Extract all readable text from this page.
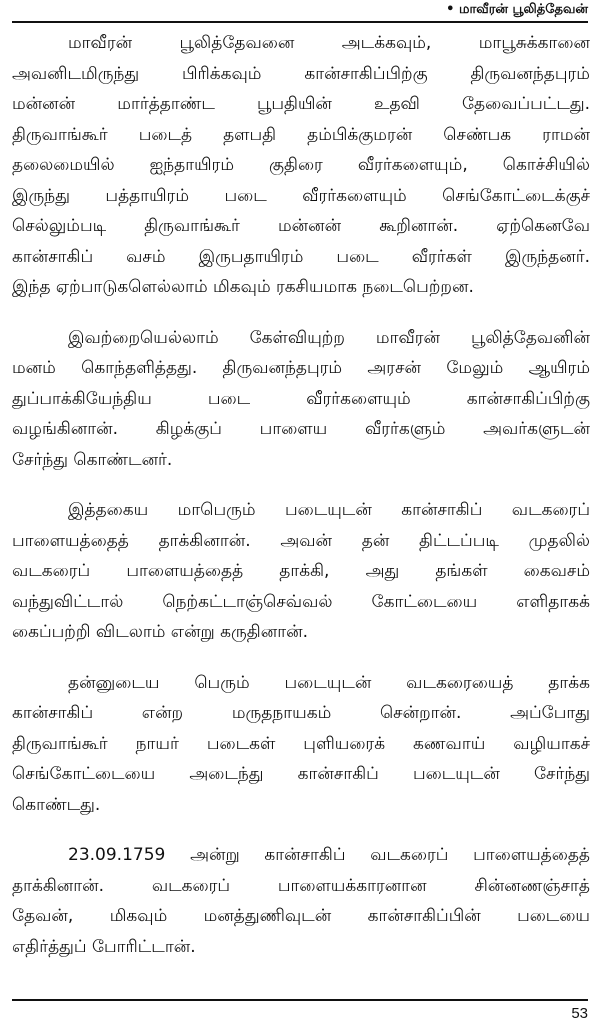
• மாவீரன் பூலித்தேவன்

மாவீரன் பூலித்தேவனை அடக்கவும், மாபூசுக்கானை
அவனிடமிருந்து பிரிக்கவும் கான்சாகிப்பிற்கு திருவனந்தபுரம்
மன்னன் மார்த்தாண்ட பூபதியின் உதவி தேவைப்பட்டது.
திருவாங்கூர் படைத் தளபதி தம்பிக்குமரன் செண்பக ராமன்
தலைமையில் ஐந்தாயிரம் குதிரை வீரர்களையும், கொச்சியில்
இருந்து பத்தாயிரம் படை வீரர்களையும் செங்கோட்டைக்குச்
செல்லும்படி திருவாங்கூர் மன்னன் கூறினான். ஏற்கெனவே
கான்சாகிப் வசம் இருபதாயிரம் படை வீரர்கள் இருந்தனர்.
இந்த ஏற்பாடுகளெல்லாம் மிகவும் ரகசியமாக நடைபெற்றன.

இவற்றையெல்லாம் கேள்வியுற்ற மாவீரன் பூலித்தேவனின்
மனம் கொந்தளித்தது. திருவனந்தபுரம் அரசன் மேலும் ஆயிரம்
துப்பாக்கியேந்திய படை வீரர்களையும் கான்சாகிப்பிற்கு
வழங்கினான். கிழக்குப் பாளைய வீரர்களும் அவர்களுடன்
சேர்ந்து கொண்டனர்.

இத்தகைய மாபெரும் படையுடன் கான்சாகிப் வடகரைப்
பாளையத்தைத் தாக்கினான். அவன் தன் திட்டப்படி முதலில்
வடகரைப் பாளையத்தைத் தாக்கி, அது தங்கள் கைவசம்
வந்துவிட்டால் நெற்கட்டாஞ்செவ்வல் கோட்டையை எளிதாகக்
கைப்பற்றி விடலாம் என்று கருதினான்.

தன்னுடைய பெரும் படையுடன் வடகரையைத் தாக்க
கான்சாகிப் என்ற மருதநாயகம் சென்றான். அப்போது
திருவாங்கூர் நாயர் படைகள் புளியரைக் கணவாய் வழியாகச்
செங்கோட்டையை அடைந்து கான்சாகிப் படையுடன் சேர்ந்து
கொண்டது.

23.09.1759 அன்று கான்சாகிப் வடகரைப் பாளையத்தைத்
தாக்கினான். வடகரைப் பாளையக்காரனான சின்னணஞ்சாத்
தேவன், மிகவும் மனத்துணிவுடன் கான்சாகிப்பின் படையை
எதிர்த்துப் போரிட்டான்.

53
